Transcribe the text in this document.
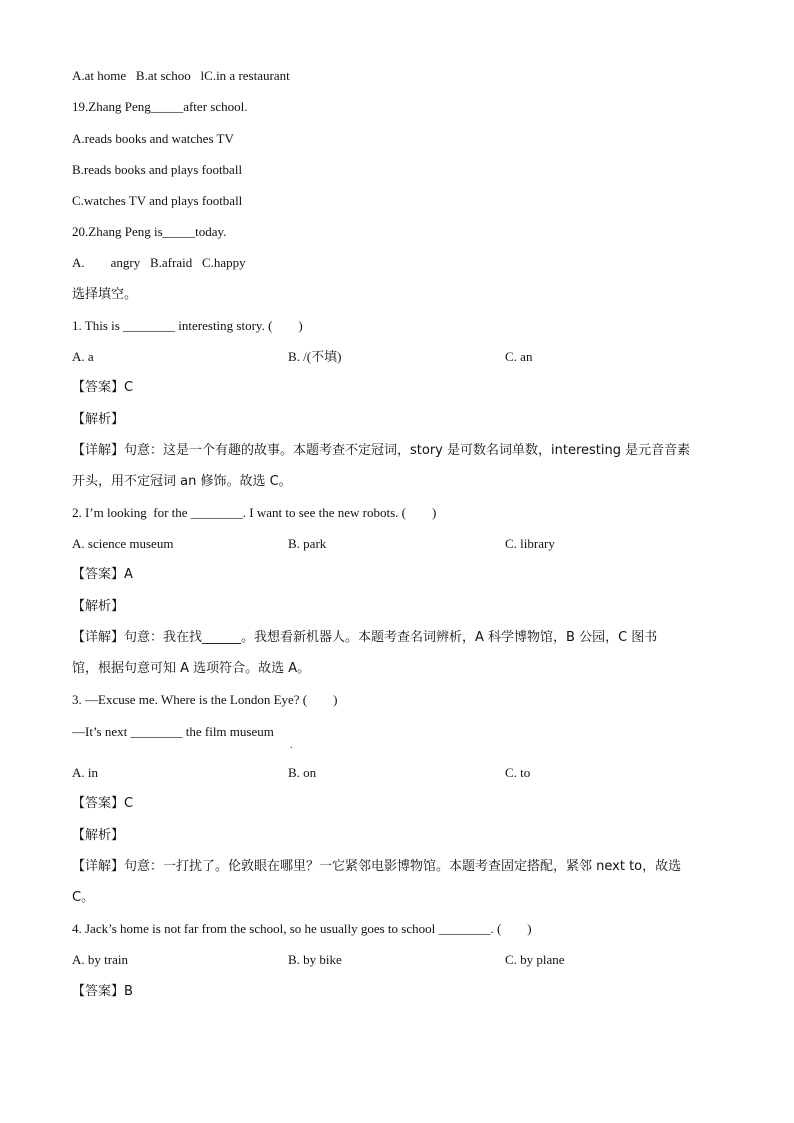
A.at home   B.at schoo   lC.in a restaurant
19.Zhang Peng_____after school.
A.reads books and watches TV
B.reads books and plays football
C.watches TV and plays football
20.Zhang Peng is_____today.
A.        angry   B.afraid   C.happy
选择填空。
1. This is ________ interesting story. (        )
A. a	B. /(不填)	C. an
【答案】C
【解析】
【详解】句意：这是一个有趣的故事。本题考查不定冠词，story 是可数名词单数，interesting 是元音音素
开头，用不定冠词 an 修饰。故选 C。
2. I’m looking  for the ________. I want to see the new robots. (        )
A. science museum	B. park	C. library
【答案】A
【解析】
【详解】句意：我在找______。我想看新机器人。本题考查名词辨析，A 科学博物馆，B 公园，C 图书
馆，根据句意可知 A 选项符合。故选 A。
3. —Excuse me. Where is the London Eye? (        )
—It’s next ________ the film museum
.
A. in	B. on	C. to
【答案】C
【解析】
【详解】句意：一打扰了。伦敦眼在哪里？一它紧邻电影博物馆。本题考查固定搭配，紧邻 next to，故选
C。
4. Jack’s home is not far from the school, so he usually goes to school ________. (        )
A. by train	B. by bike	C. by plane
【答案】B
